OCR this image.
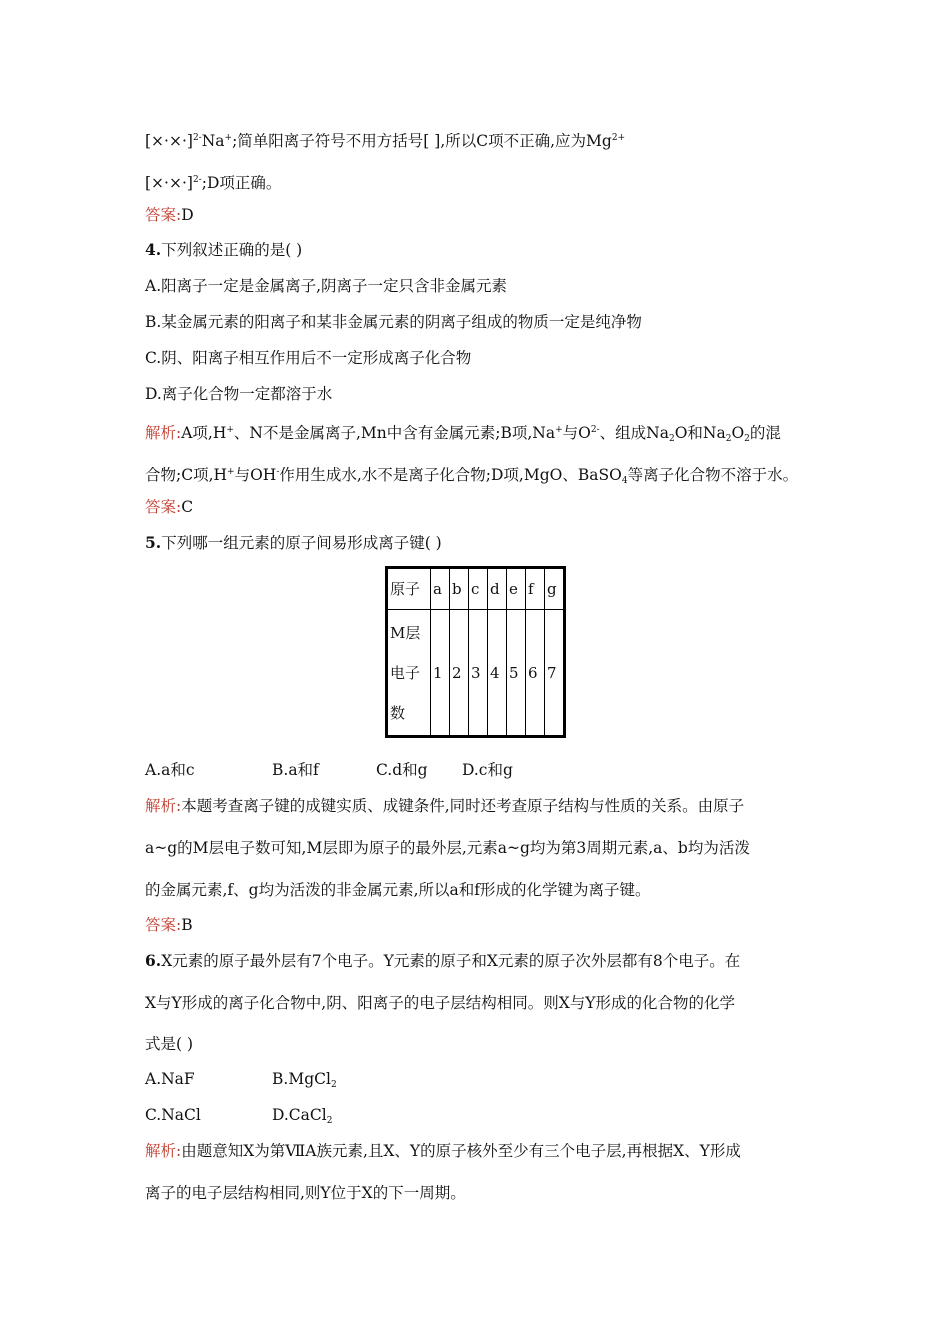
$[\times\cdot\times\cdot]^{2-}Na^+$;简单阳离子符号不用方括号[ ],所以C项不正确,应为$Mg^{2+}$
$[\times\cdot\times\cdot]^{2-};D$项正确。
答案:D
4.下列叙述正确的是( )
A.阳离子一定是金属离子,阴离子一定只含非金属元素
B.某金属元素的阳离子和某非金属元素的阴离子组成的物质一定是纯净物
C.阴、阳离子相互作用后不一定形成离子化合物
D.离子化合物一定都溶于水
解析:A项,H+、N不是金属离子,Mn中含有金属元素;B项,Na+与$O^{2-}$、组成$Na_2O$和$Na_2O_2$的混
合物;C项,H+与OH-作用生成水,水不是离子化合物;D项,MgO、BaSO$_4$等离子化合物不溶于水。
答案:C
5.下列哪一组元素的原子间易形成离子键( )
原子	a	b	c	d	e	f	g
M层电子数	1	2	3	4	5	6	7
A.a和c	B.a和f	C.d和g D.c和g
解析:本题考查离子键的成键实质、成键条件,同时还考查原子结构与性质的关系。由原子
a~g的M层电子数可知,M层即为原子的最外层,元素a~g均为第3周期元素,a、b均为活泼
的金属元素,f、g均为活泼的非金属元素,所以a和f形成的化学键为离子键。
答案:B
6.X元素的原子最外层有7个电子。Y元素的原子和X元素的原子次外层都有8个电子。在
X与Y形成的离子化合物中,阴、阳离子的电子层结构相同。则X与Y形成的化合物的化学
式是( )
A.NaF	B.MgCl$_2$
C.NaCl	D.CaCl$_2$
解析:由题意知X为第ⅦA族元素,且X、Y的原子核外至少有三个电子层,再根据X、Y形成
离子的电子层结构相同,则Y位于X的下一周期。
